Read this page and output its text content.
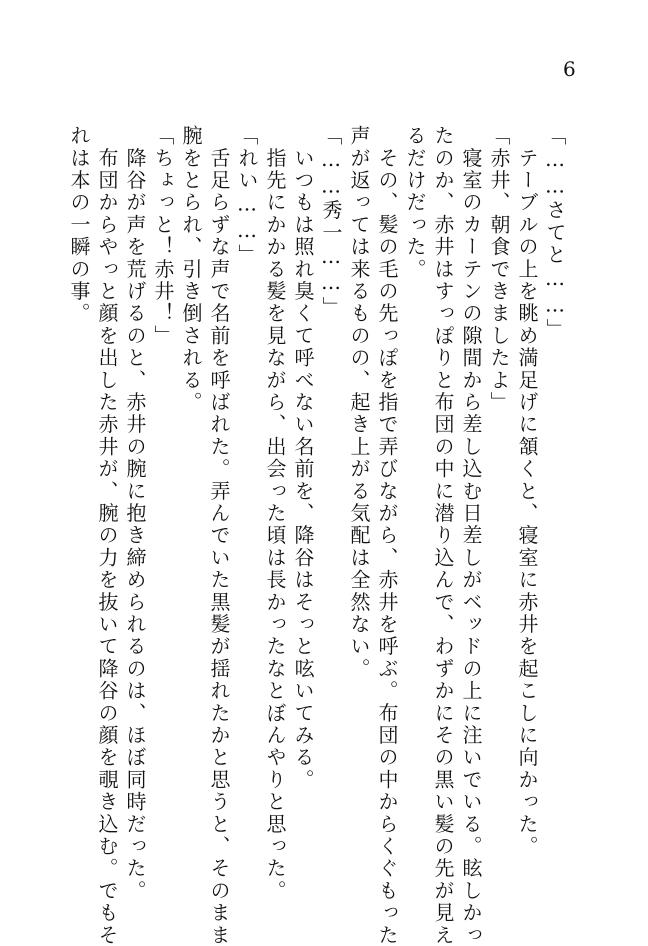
6
「……さてと……」
　テーブルの上を眺め満足げに頷くと、寝室に赤井を起こしに向かった。
「赤井、朝食できましたよ」
　寝室のカーテンの隙間から差し込む日差しがベッドの上に注いでいる。眩しかっ
たのか、赤井はすっぽりと布団の中に潜り込んで、わずかにその黒い髪の先が見え
るだけだった。
　その、髪の毛の先っぽを指で弄びながら、赤井を呼ぶ。布団の中からくぐもった
声が返っては来るものの、起き上がる気配は全然ない。
「……秀一……」
　いつもは照れ臭くて呼べない名前を、降谷はそっと呟いてみる。
　指先にかかる髪を見ながら、出会った頃は長かったなとぼんやりと思った。
「れい……」
　舌足らずな声で名前を呼ばれた。弄んでいた黒髪が揺れたかと思うと、そのまま
腕をとられ、引き倒される。
「ちょっと！赤井！」
　降谷が声を荒げるのと、赤井の腕に抱き締められるのは、ほぼ同時だった。
　布団からやっと顔を出した赤井が、腕の力を抜いて降谷の顔を覗き込む。でもそ
れは本の一瞬の事。
